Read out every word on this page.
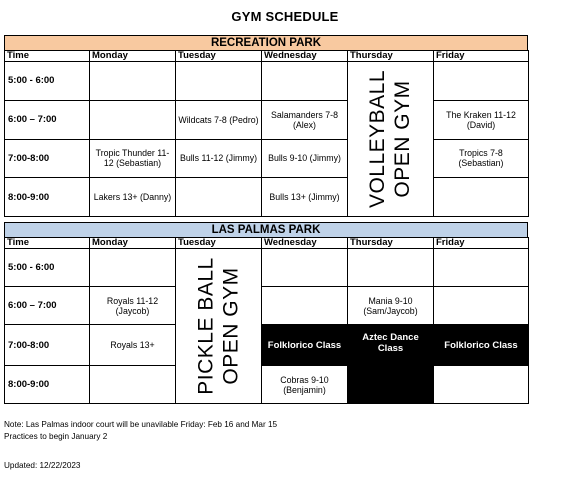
GYM SCHEDULE
RECREATION PARK
Time	Monday	Tuesday	Wednesday	Thursday	Friday
5:00 - 6:00				VOLLEYBALL OPEN GYM	

6:00 – 7:00		Wildcats 7-8 (Pedro)	Salamanders 7-8 (Alex)		The Kraken 11-12 (David)
7:00-8:00	Tropic Thunder 11-12 (Sebastian)	Bulls 11-12 (Jimmy)	Bulls 9-10 (Jimmy)		Tropics 7-8 (Sebastian)
8:00-9:00	Lakers 13+ (Danny)		Bulls 13+ (Jimmy)		
LAS PALMAS PARK
Time	Monday	Tuesday	Wednesday	Thursday	Friday
5:00 - 6:00		PICKLE BALL OPEN GYM			

6:00 – 7:00	Royals 11-12 (Jaycob)			Mania 9-10 (Sam/Jaycob)	
7:00-8:00	Royals 13+		Folklorico Class	Aztec Dance Class	Folklorico Class
8:00-9:00			Cobras 9-10 (Benjamin)		
Note: Las Palmas indoor court will be unavilable Friday: Feb 16 and Mar 15
Practices to begin January 2
Updated: 12/22/2023
